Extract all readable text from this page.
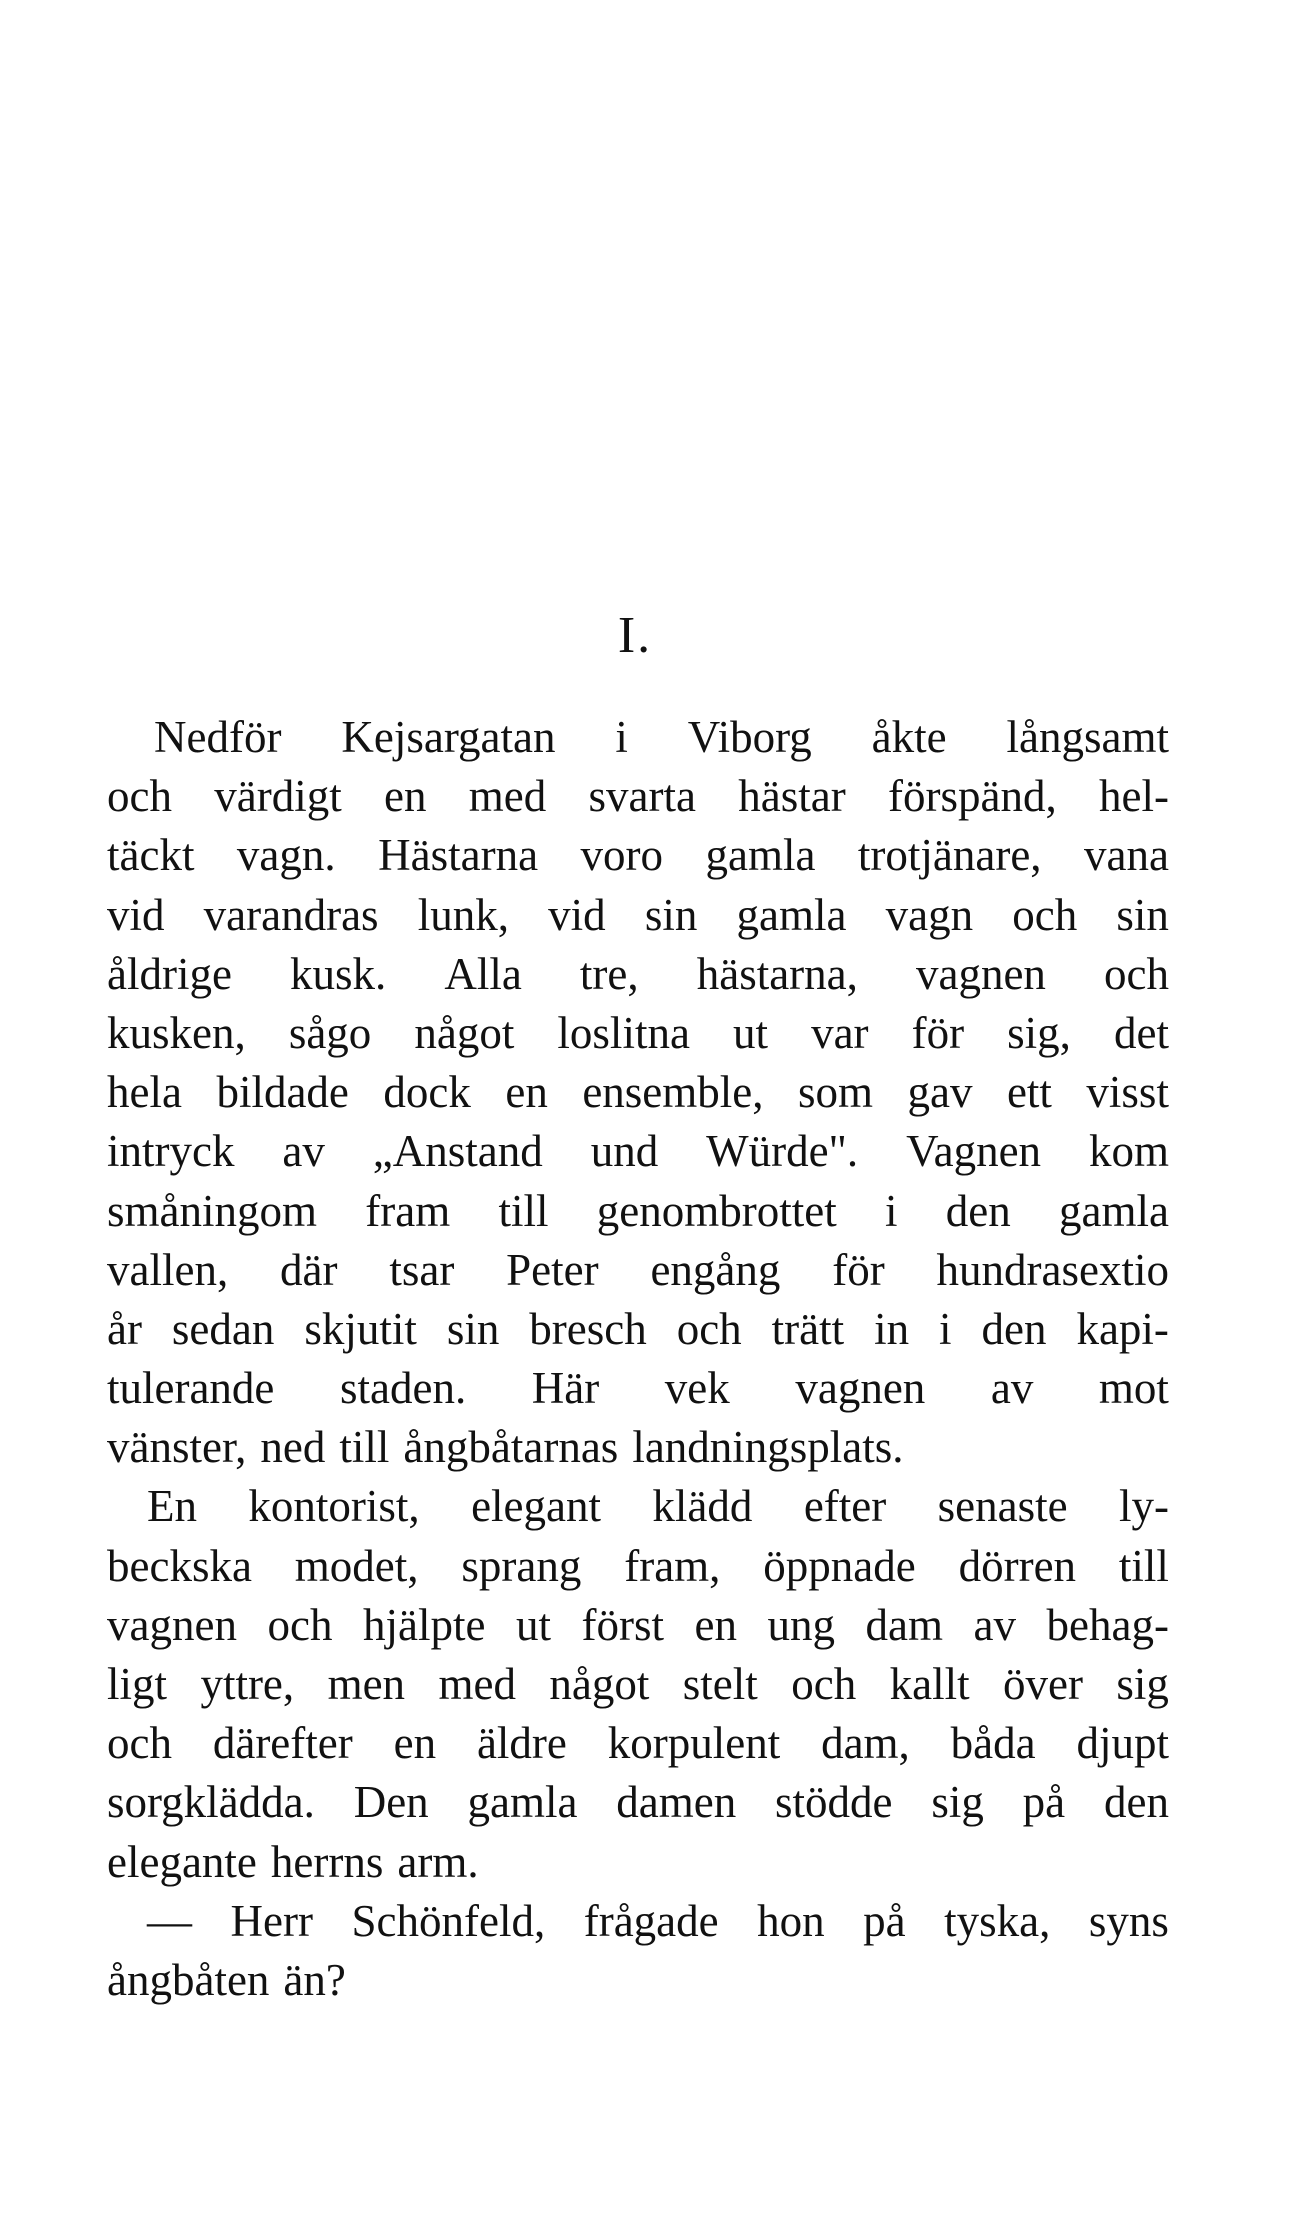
I.
Nedför Kejsargatan i Viborg åkte långsamt
och värdigt en med svarta hästar förspänd, hel-
täckt vagn. Hästarna voro gamla trotjänare, vana
vid varandras lunk, vid sin gamla vagn och sin
åldrige kusk. Alla tre, hästarna, vagnen och
kusken, sågo något loslitna ut var för sig, det
hela bildade dock en ensemble, som gav ett visst
intryck av „Anstand und Würde". Vagnen kom
småningom fram till genombrottet i den gamla
vallen, där tsar Peter engång för hundrasextio
år sedan skjutit sin bresch och trätt in i den kapi-
tulerande staden. Här vek vagnen av mot
vänster, ned till ångbåtarnas landningsplats.
En kontorist, elegant klädd efter senaste ly-
beckska modet, sprang fram, öppnade dörren till
vagnen och hjälpte ut först en ung dam av behag-
ligt yttre, men med något stelt och kallt över sig
och därefter en äldre korpulent dam, båda djupt
sorgklädda. Den gamla damen stödde sig på den
elegante herrns arm.
— Herr Schönfeld, frågade hon på tyska, syns
ångbåten än?
